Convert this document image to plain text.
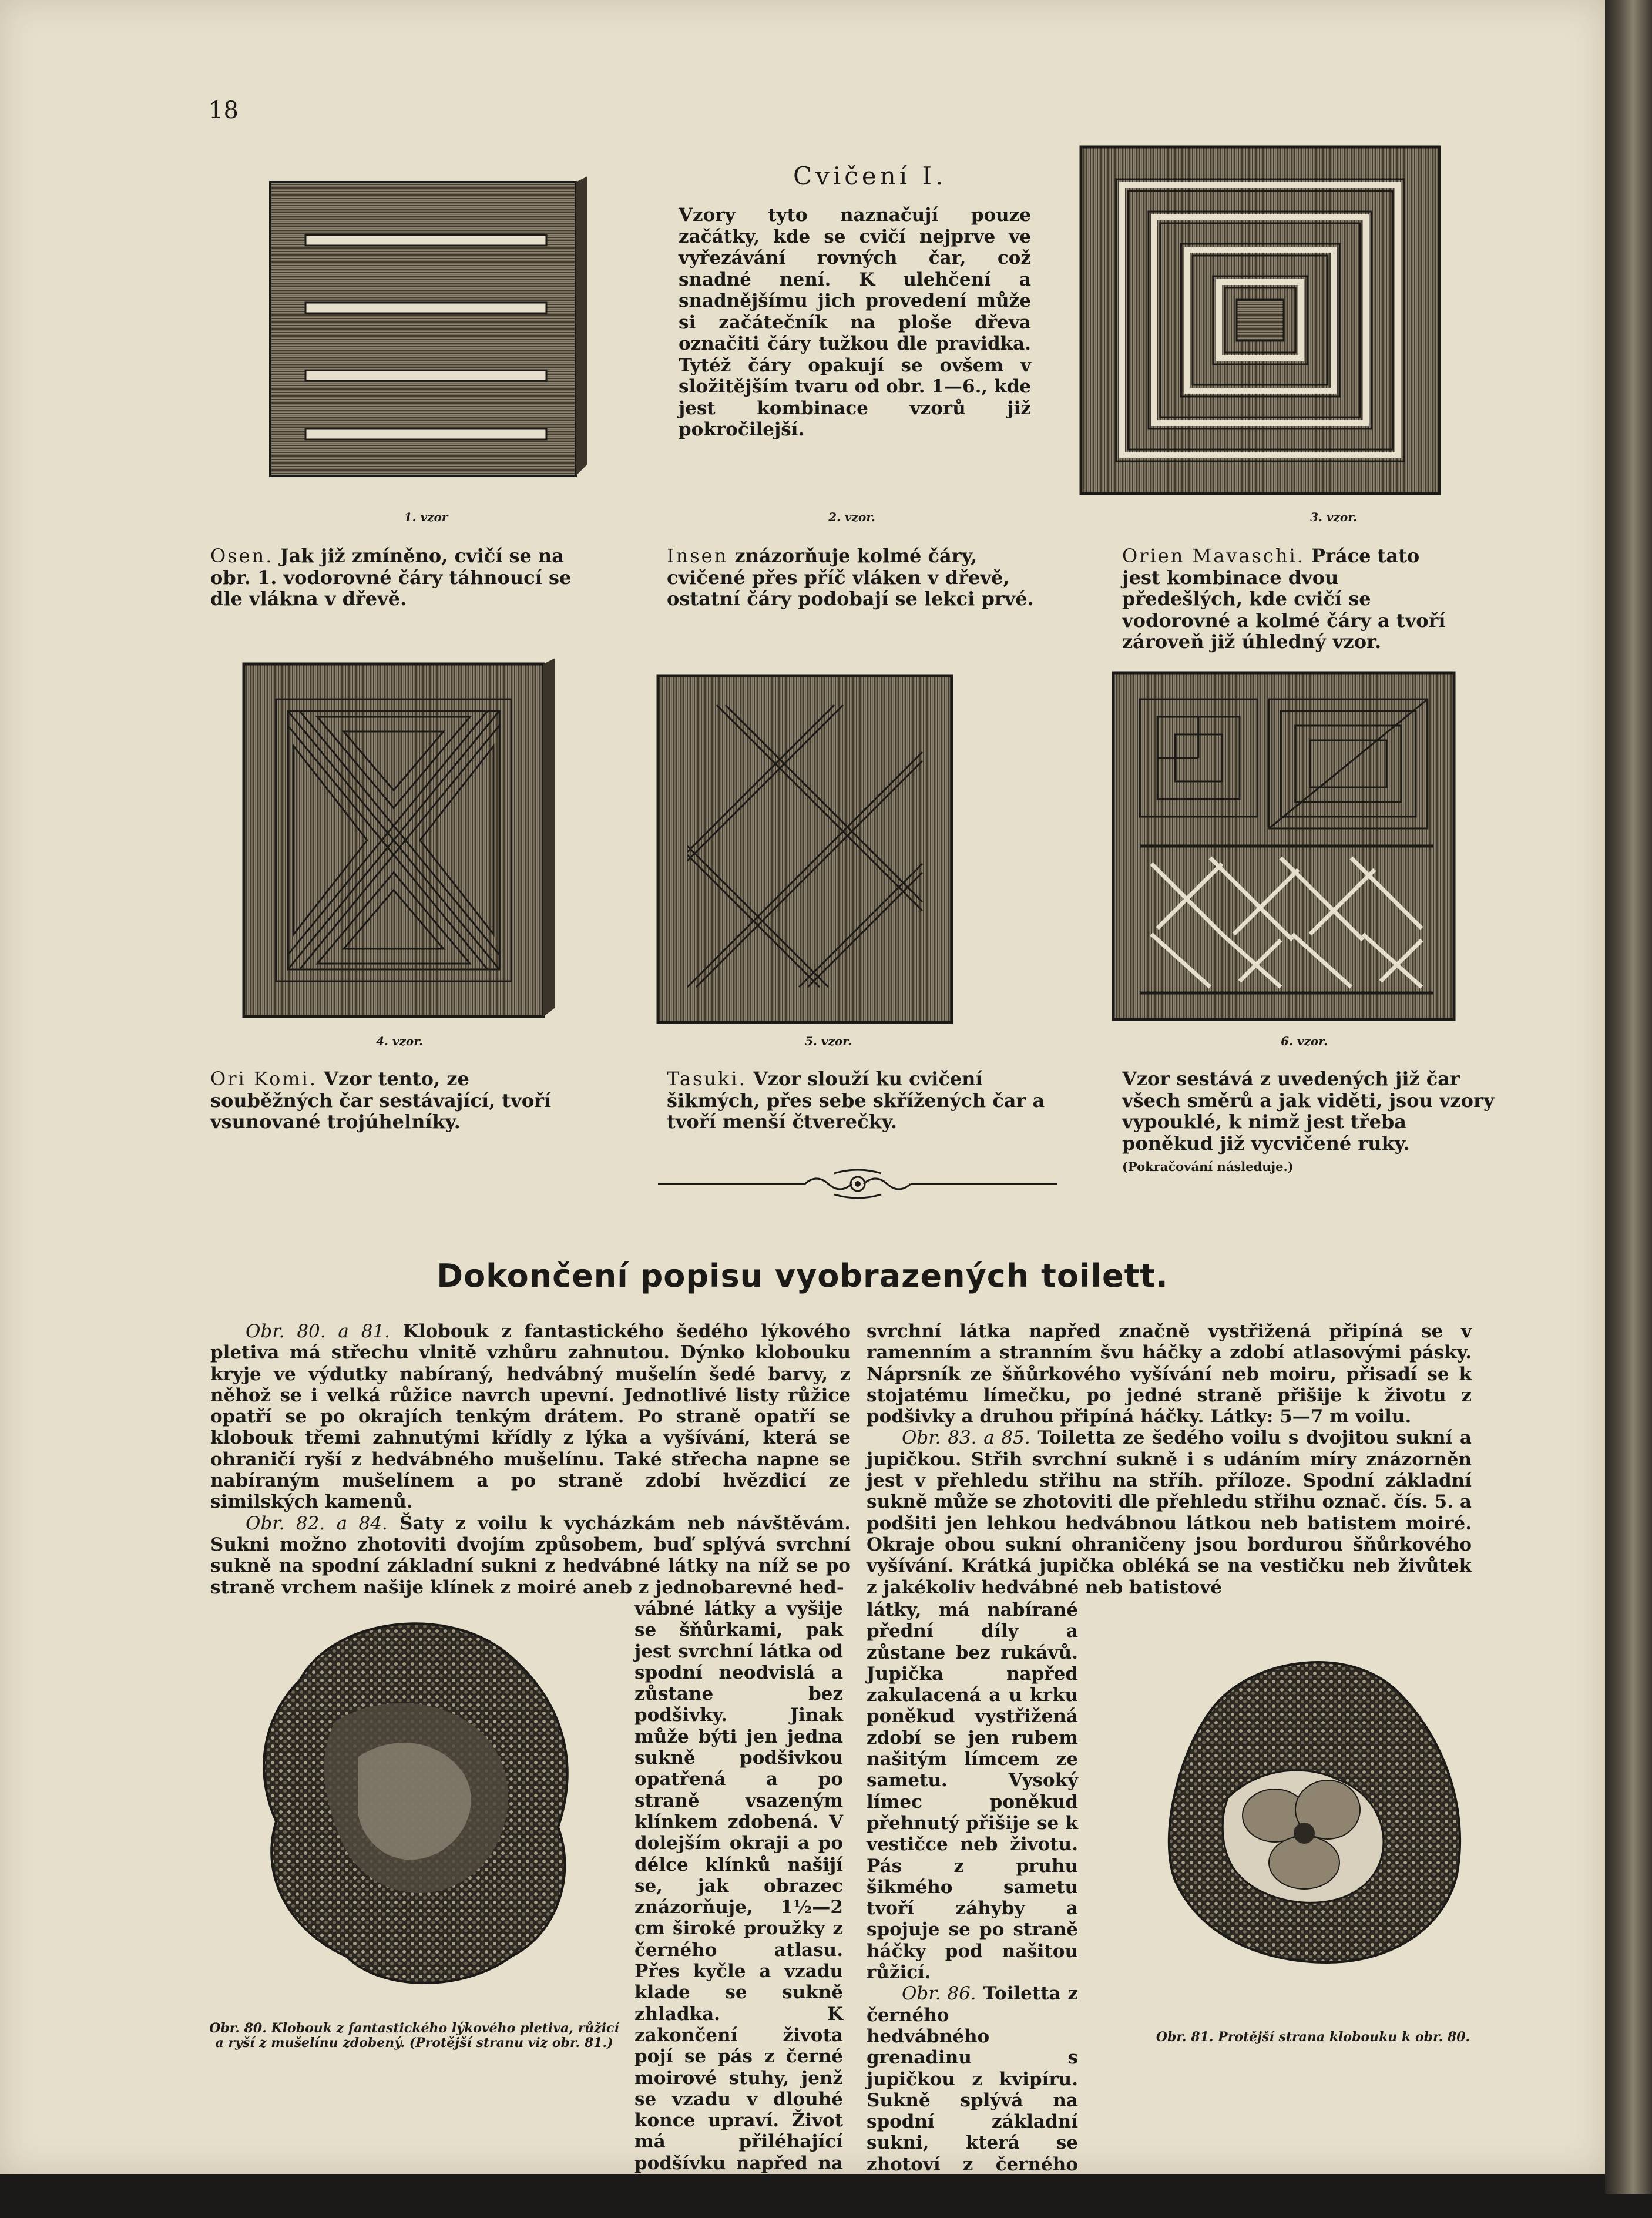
18
Cvičení I.
Vzory tyto naznačují pouze začátky, kde se cvičí nejprve ve vyřezávání rovných čar, což snadné není. K ulehčení a snadnějšímu jich provedení může si začátečník na ploše dřeva označiti čáry tužkou dle pravidka. Tytéž čáry opakují se ovšem v složitějším tvaru od obr. 1—6., kde jest kombinace vzorů již pokročilejší.
1. vzor	3. vzor.
2. vzor.
Osen. Jak již zmíněno, cvičí se na obr. 1. vodorovné čáry táhnoucí se dle vlákna v dřevě.
Insen znázorňuje kolmé čáry, cvičené přes příč vláken v dřevě, ostatní čáry podobají se lekci prvé.
Orien Mavaschi. Práce tato jest kombinace dvou předešlých, kde cvičí se vodorovné a kolmé čáry a tvoří zároveň již úhledný vzor.
4. vzor.	5. vzor.	6. vzor.
Ori Komi. Vzor tento, ze souběžných čar sestávající, tvoří vsunované trojúhelníky.
Tasuki. Vzor slouží ku cvičení šikmých, přes sebe skřížených čar a tvoří menší čtverečky.
Vzor sestává z uvedených již čar všech směrů a jak viděti, jsou vzory vypouklé, k nimž jest třeba poněkud již vycvičené ruky. (Pokračování následuje.)
Dokončení popisu vyobrazených toilett.

Obr. 80. a 81. Klobouk z fantastického šedého lýkového pletiva má střechu vlnitě vzhůru zahnutou. Dýnko klobouku kryje ve výdutky nabíraný, hedvábný mušelín šedé barvy, z něhož se i velká růžice navrch upevní. Jednotlivé listy růžice opatří se po okrajích tenkým drátem. Po straně opatří se klobouk třemi zahnutými křídly z lýka a vyšívání, která se ohraničí ryší z hedvábného mušelínu. Také střecha napne se nabíraným mušelínem a po straně zdobí hvězdicí ze similských kamenů.

Obr. 82. a 84. Šaty z voilu k vycházkám neb návštěvám. Sukni možno zhotoviti dvojím způsobem, buď splývá svrchní sukně na spodní základní sukni z hedvábné látky na níž se po straně vrchem našije klínek z moiré aneb z jednobarevné hed-

vábné látky a vyšije se šňůrkami, pak jest svrchní látka od spodní neodvislá a zůstane bez podšivky. Jinak může býti jen jedna sukně podšivkou opatřená a po straně vsazeným klínkem zdobená. V dolejším okraji a po délce klínků našijí se, jak obrazec znázorňuje, 1½—2 cm široké proužky z černého atlasu. Přes kyčle a vzadu klade se sukně zhladka. K zakončení života pojí se pás z černé moirové stuhy, jenž se vzadu v dlouhé konce upraví. Život má přiléhající podšívku napřed na háčky k zapínání upravenou,

Obr. 80. Klobouk z fantastického lýkového pletiva, růžicí a ryší z mušelínu zdobený. (Protější stranu viz obr. 81.)

svrchní látka napřed značně vystřižená připíná se v ramenním a stranním švu háčky a zdobí atlasovými pásky. Náprsník ze šňůrkového vyšívání neb moiru, přisadí se k stojatému límečku, po jedné straně přišije k životu z podšivky a druhou připíná háčky. Látky: 5—7 m voilu.

Obr. 83. a 85. Toiletta ze šedého voilu s dvojitou sukní a jupičkou. Střih svrchní sukně i s udáním míry znázorněn jest v přehledu střihu na stříh. příloze. Spodní základní sukně může se zhotoviti dle přehledu střihu označ. čís. 5. a podšiti jen lehkou hedvábnou látkou neb batistem moiré. Okraje obou sukní ohraničeny jsou bordurou šňůrkového vyšívání. Krátká jupička obléká se na vestičku neb živůtek z jakékoliv hedvábné neb batistové

látky, má nabírané přední díly a zůstane bez rukávů. Jupička napřed zakulacená a u krku poněkud vystřižená zdobí se jen rubem našitým límcem ze sametu. Vysoký límec poněkud přehnutý přišije se k vestičce neb životu. Pás z pruhu šikmého sametu tvoří záhyby a spojuje se po straně háčky pod našitou růžicí.

Obr. 86. Toiletta z černého hedvábného grenadinu s jupičkou z kvipíru. Sukně splývá na spodní základní sukni, která se zhotoví z černého taffetu a opatří vysokým, do

Obr. 81. Protější strana klobouku k obr. 80.
